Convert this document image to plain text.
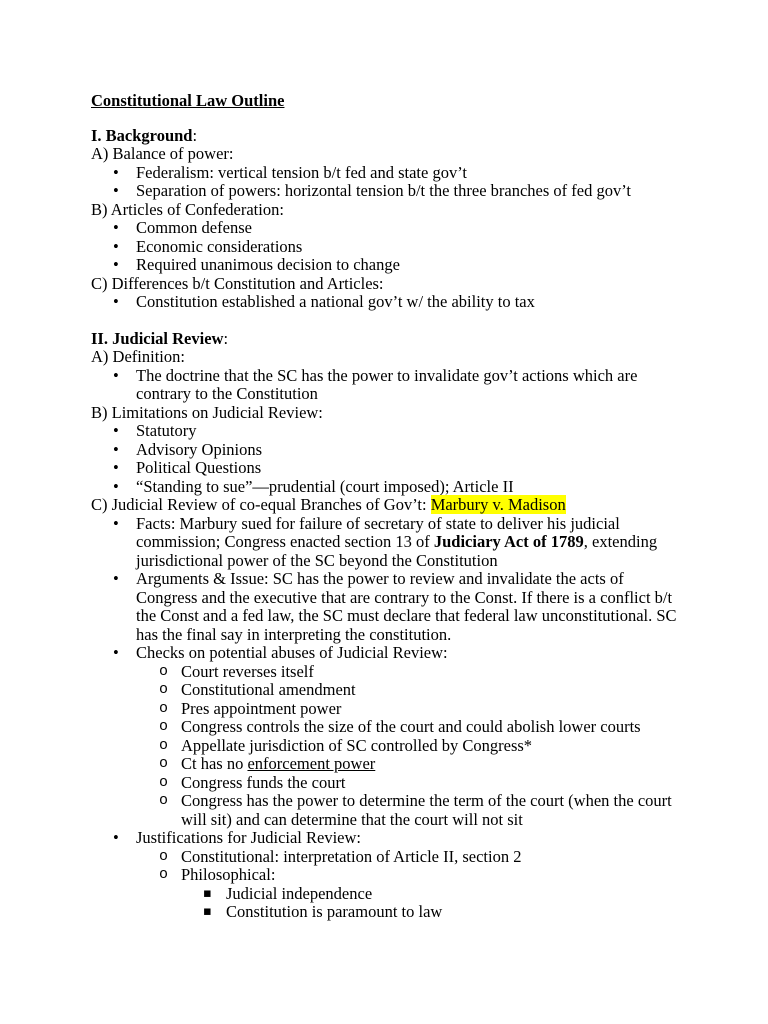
Constitutional Law Outline
I. Background:
A) Balance of power:
• Federalism: vertical tension b/t fed and state gov’t
• Separation of powers: horizontal tension b/t the three branches of fed gov’t
B) Articles of Confederation:
• Common defense
• Economic considerations
• Required unanimous decision to change
C) Differences b/t Constitution and Articles:
• Constitution established a national gov’t w/ the ability to tax
II. Judicial Review:
A) Definition:
• The doctrine that the SC has the power to invalidate gov’t actions which are
contrary to the Constitution
B) Limitations on Judicial Review:
• Statutory
• Advisory Opinions
• Political Questions
• “Standing to sue”—prudential (court imposed); Article II
C) Judicial Review of co-equal Branches of Gov’t: Marbury v. Madison
• Facts: Marbury sued for failure of secretary of state to deliver his judicial
commission; Congress enacted section 13 of Judiciary Act of 1789, extending
jurisdictional power of the SC beyond the Constitution
• Arguments & Issue: SC has the power to review and invalidate the acts of
Congress and the executive that are contrary to the Const. If there is a conflict b/t
the Const and a fed law, the SC must declare that federal law unconstitutional. SC
has the final say in interpreting the constitution.
• Checks on potential abuses of Judicial Review:
o Court reverses itself
o Constitutional amendment
o Pres appointment power
o Congress controls the size of the court and could abolish lower courts
o Appellate jurisdiction of SC controlled by Congress*
o Ct has no enforcement power
o Congress funds the court
o Congress has the power to determine the term of the court (when the court
will sit) and can determine that the court will not sit
• Justifications for Judicial Review:
o Constitutional: interpretation of Article II, section 2
o Philosophical:
▪ Judicial independence
▪ Constitution is paramount to law
